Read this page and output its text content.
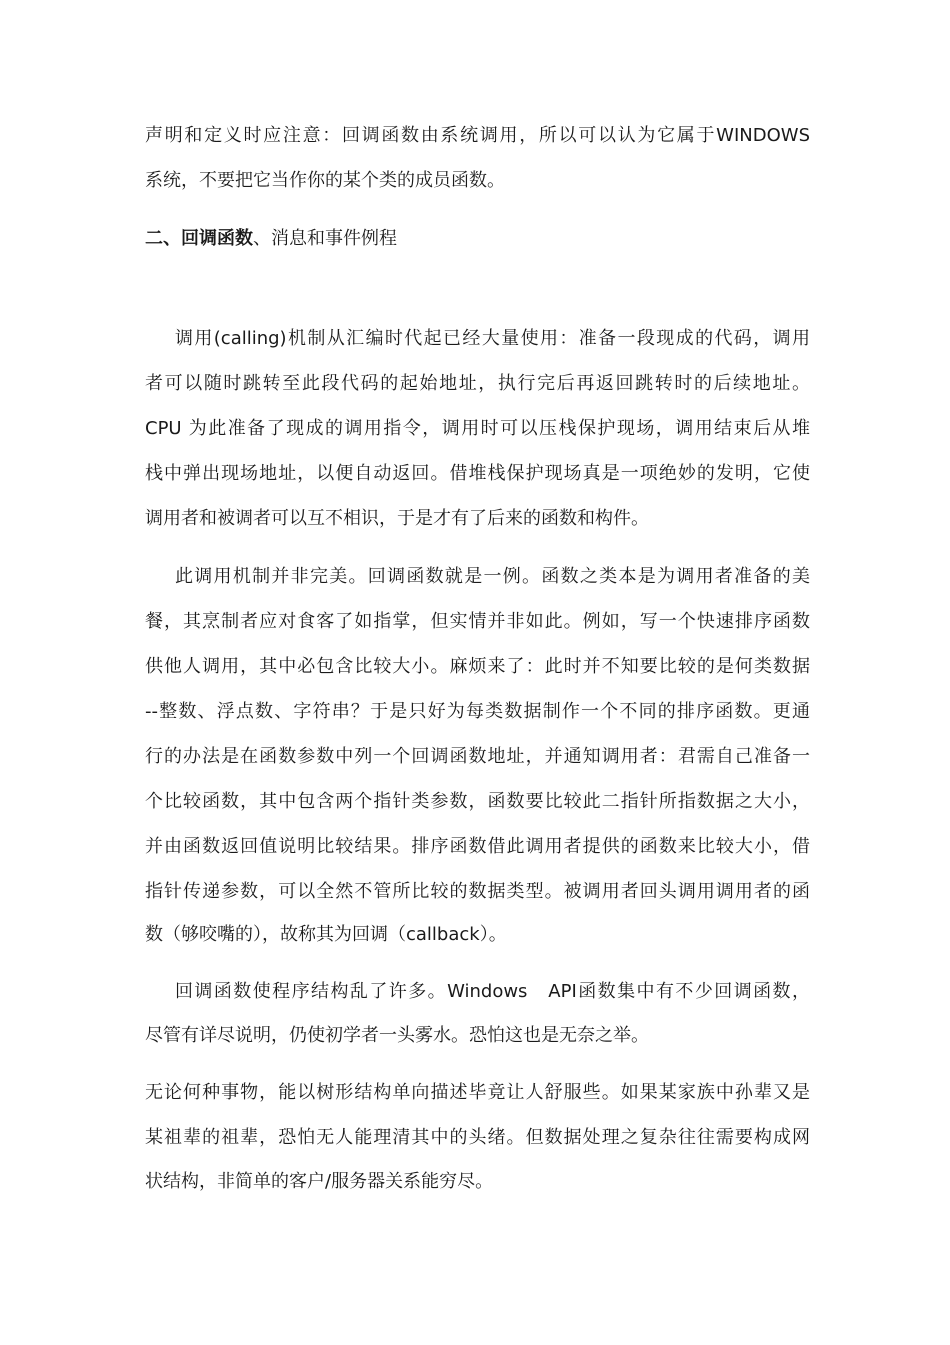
声明和定义时应注意：回调函数由系统调用，所以可以认为它属于WINDOWS
系统，不要把它当作你的某个类的成员函数。
二、回调函数、消息和事件例程
调用(calling)机制从汇编时代起已经大量使用：准备一段现成的代码，调用
者可以随时跳转至此段代码的起始地址，执行完后再返回跳转时的后续地址。
CPU 为此准备了现成的调用指令，调用时可以压栈保护现场，调用结束后从堆
栈中弹出现场地址，以便自动返回。借堆栈保护现场真是一项绝妙的发明，它使
调用者和被调者可以互不相识，于是才有了后来的函数和构件。
此调用机制并非完美。回调函数就是一例。函数之类本是为调用者准备的美
餐，其烹制者应对食客了如指掌，但实情并非如此。例如，写一个快速排序函数
供他人调用，其中必包含比较大小。麻烦来了：此时并不知要比较的是何类数据
--整数、浮点数、字符串？于是只好为每类数据制作一个不同的排序函数。更通
行的办法是在函数参数中列一个回调函数地址，并通知调用者：君需自己准备一
个比较函数，其中包含两个指针类参数，函数要比较此二指针所指数据之大小，
并由函数返回值说明比较结果。排序函数借此调用者提供的函数来比较大小，借
指针传递参数，可以全然不管所比较的数据类型。被调用者回头调用调用者的函
数（够咬嘴的），故称其为回调（callback）。
回调函数使程序结构乱了许多。Windows　API函数集中有不少回调函数，
尽管有详尽说明，仍使初学者一头雾水。恐怕这也是无奈之举。
无论何种事物，能以树形结构单向描述毕竟让人舒服些。如果某家族中孙辈又是
某祖辈的祖辈，恐怕无人能理清其中的头绪。但数据处理之复杂往往需要构成网
状结构，非简单的客户/服务器关系能穷尽。
